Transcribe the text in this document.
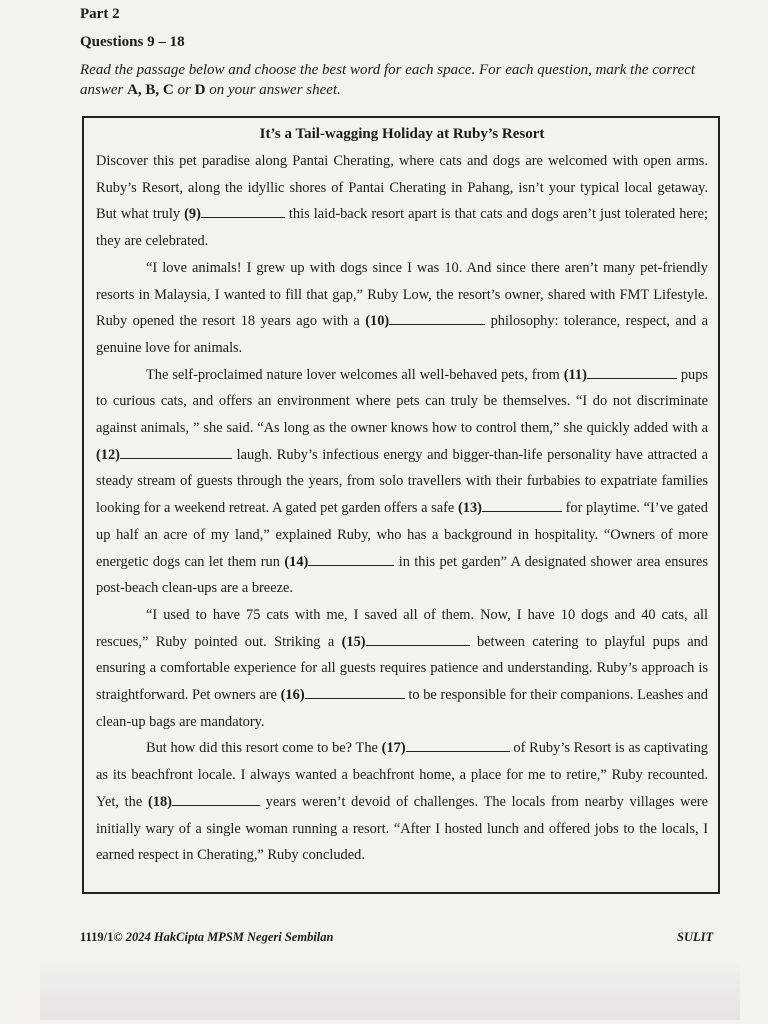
Part 2
Questions 9 – 18
Read the passage below and choose the best word for each space. For each question, mark the correct answer A, B, C or D on your answer sheet.
It’s a Tail-wagging Holiday at Ruby’s Resort

Discover this pet paradise along Pantai Cherating, where cats and dogs are welcomed with open arms. Ruby’s Resort, along the idyllic shores of Pantai Cherating in Pahang, isn’t your typical local getaway. But what truly (9)	this laid-back resort apart is that cats and dogs aren’t just tolerated here; they are celebrated.

“I love animals! I grew up with dogs since I was 10. And since there aren’t many pet-friendly resorts in Malaysia, I wanted to fill that gap,” Ruby Low, the resort’s owner, shared with FMT Lifestyle. Ruby opened the resort 18 years ago with a (10)	philosophy: tolerance, respect, and a genuine love for animals.

The self-proclaimed nature lover welcomes all well-behaved pets, from (11)	pups to curious cats, and offers an environment where pets can truly be themselves. “I do not discriminate against animals, ” she said. “As long as the owner knows how to control them,” she quickly added with a (12)	laugh. Ruby’s infectious energy and bigger-than-life personality have attracted a steady stream of guests through the years, from solo travellers with their furbabies to expatriate families looking for a weekend retreat. A gated pet garden offers a safe (13)	for playtime. “I’ve gated up half an acre of my land,” explained Ruby, who has a background in hospitality. “Owners of more energetic dogs can let them run (14)	in this pet garden” A designated shower area ensures post-beach clean-ups are a breeze.

“I used to have 75 cats with me, I saved all of them. Now, I have 10 dogs and 40 cats, all rescues,” Ruby pointed out. Striking a (15)	between catering to playful pups and ensuring a comfortable experience for all guests requires patience and understanding. Ruby’s approach is straightforward. Pet owners are (16)	to be responsible for their companions. Leashes and clean-up bags are mandatory.

But how did this resort come to be? The (17)	of Ruby’s Resort is as captivating as its beachfront locale. I always wanted a beachfront home, a place for me to retire,” Ruby recounted. Yet, the (18)	years weren’t devoid of challenges. The locals from nearby villages were initially wary of a single woman running a resort. “After I hosted lunch and offered jobs to the locals, I earned respect in Cherating,” Ruby concluded.

1119/1© 2024 HakCipta MPSM Negeri Sembilan	SULIT
